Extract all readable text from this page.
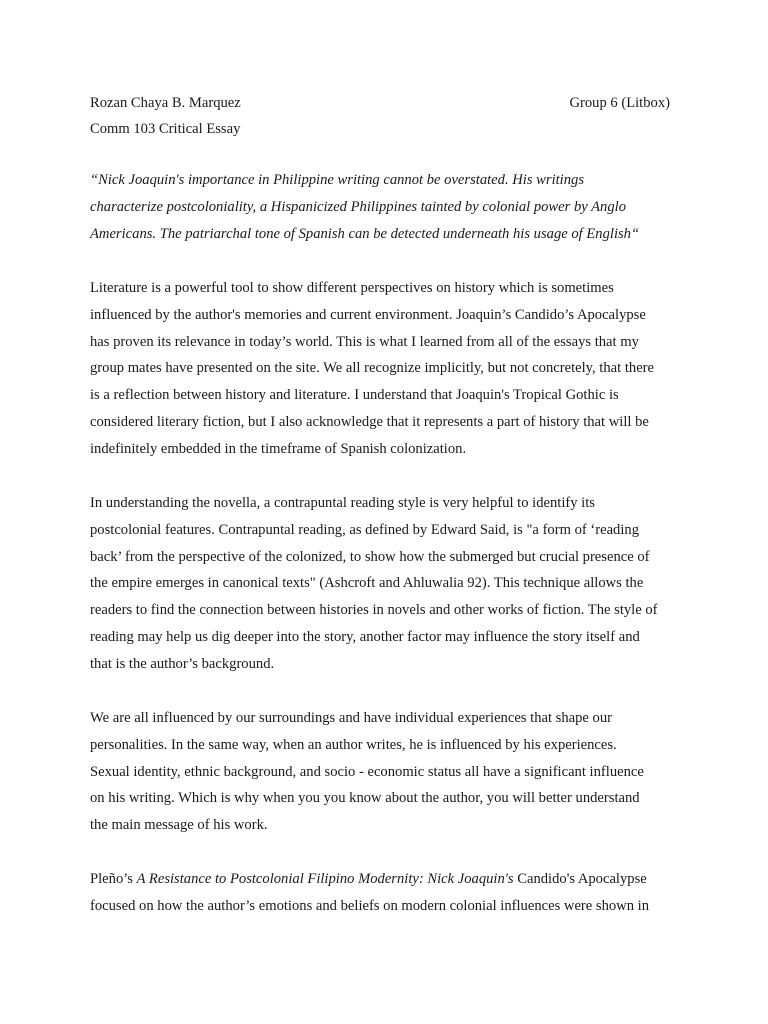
Rozan Chaya B. Marquez	Group 6 (Litbox)
Comm 103 Critical Essay
“Nick Joaquin's importance in Philippine writing cannot be overstated. His writings
characterize postcoloniality, a Hispanicized Philippines tainted by colonial power by Anglo
Americans. The patriarchal tone of Spanish can be detected underneath his usage of English“
Literature is a powerful tool to show different perspectives on history which is sometimes
influenced by the author's memories and current environment. Joaquin’s Candido’s Apocalypse
has proven its relevance in today’s world. This is what I learned from all of the essays that my
group mates have presented on the site. We all recognize implicitly, but not concretely, that there
is a reflection between history and literature. I understand that Joaquin's Tropical Gothic is
considered literary fiction, but I also acknowledge that it represents a part of history that will be
indefinitely embedded in the timeframe of Spanish colonization.
In understanding the novella, a contrapuntal reading style is very helpful to identify its
postcolonial features. Contrapuntal reading, as defined by Edward Said, is "a form of ‘reading
back’ from the perspective of the colonized, to show how the submerged but crucial presence of
the empire emerges in canonical texts" (Ashcroft and Ahluwalia 92). This technique allows the
readers to find the connection between histories in novels and other works of fiction. The style of
reading may help us dig deeper into the story, another factor may influence the story itself and
that is the author’s background.
We are all influenced by our surroundings and have individual experiences that shape our
personalities. In the same way, when an author writes, he is influenced by his experiences.
Sexual identity, ethnic background, and socio - economic status all have a significant influence
on his writing. Which is why when you you know about the author, you will better understand
the main message of his work.
Pleño’s A Resistance to Postcolonial Filipino Modernity: Nick Joaquin's Candido's Apocalypse
focused on how the author’s emotions and beliefs on modern colonial influences were shown in
